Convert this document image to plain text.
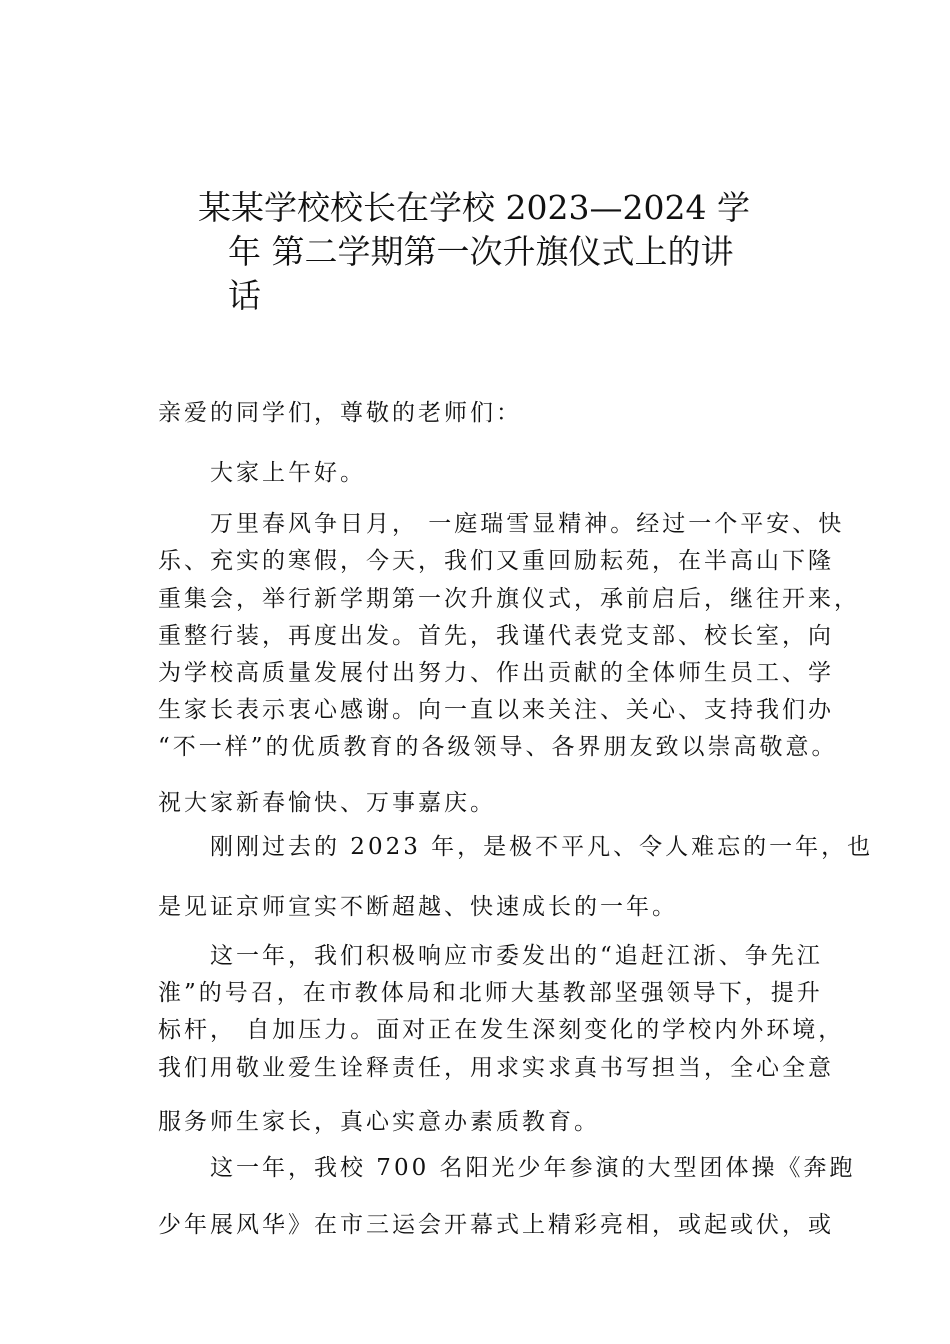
某某学校校长在学校 2023—2024 学
年 第二学期第一次升旗仪式上的讲
话
亲爱的同学们，尊敬的老师们：
大家上午好。
万里春风争日月， 一庭瑞雪显精神。经过一个平安、快
乐、充实的寒假，今天，我们又重回励耘苑，在半高山下隆
重集会，举行新学期第一次升旗仪式，承前启后，继往开来，
重整行装，再度出发。首先，我谨代表党支部、校长室，向
为学校高质量发展付出努力、作出贡献的全体师生员工、学
生家长表示衷心感谢。向一直以来关注、关心、支持我们办
“不一样”的优质教育的各级领导、各界朋友致以崇高敬意。
祝大家新春愉快、万事嘉庆。
刚刚过去的 2023 年，是极不平凡、令人难忘的一年，也
是见证京师宣实不断超越、快速成长的一年。
这一年，我们积极响应市委发出的“追赶江浙、争先江
淮”的号召，在市教体局和北师大基教部坚强领导下，提升
标杆， 自加压力。面对正在发生深刻变化的学校内外环境，
我们用敬业爱生诠释责任，用求实求真书写担当，全心全意
服务师生家长，真心实意办素质教育。
这一年，我校 700 名阳光少年参演的大型团体操《奔跑
少年展风华》在市三运会开幕式上精彩亮相，或起或伏，或
